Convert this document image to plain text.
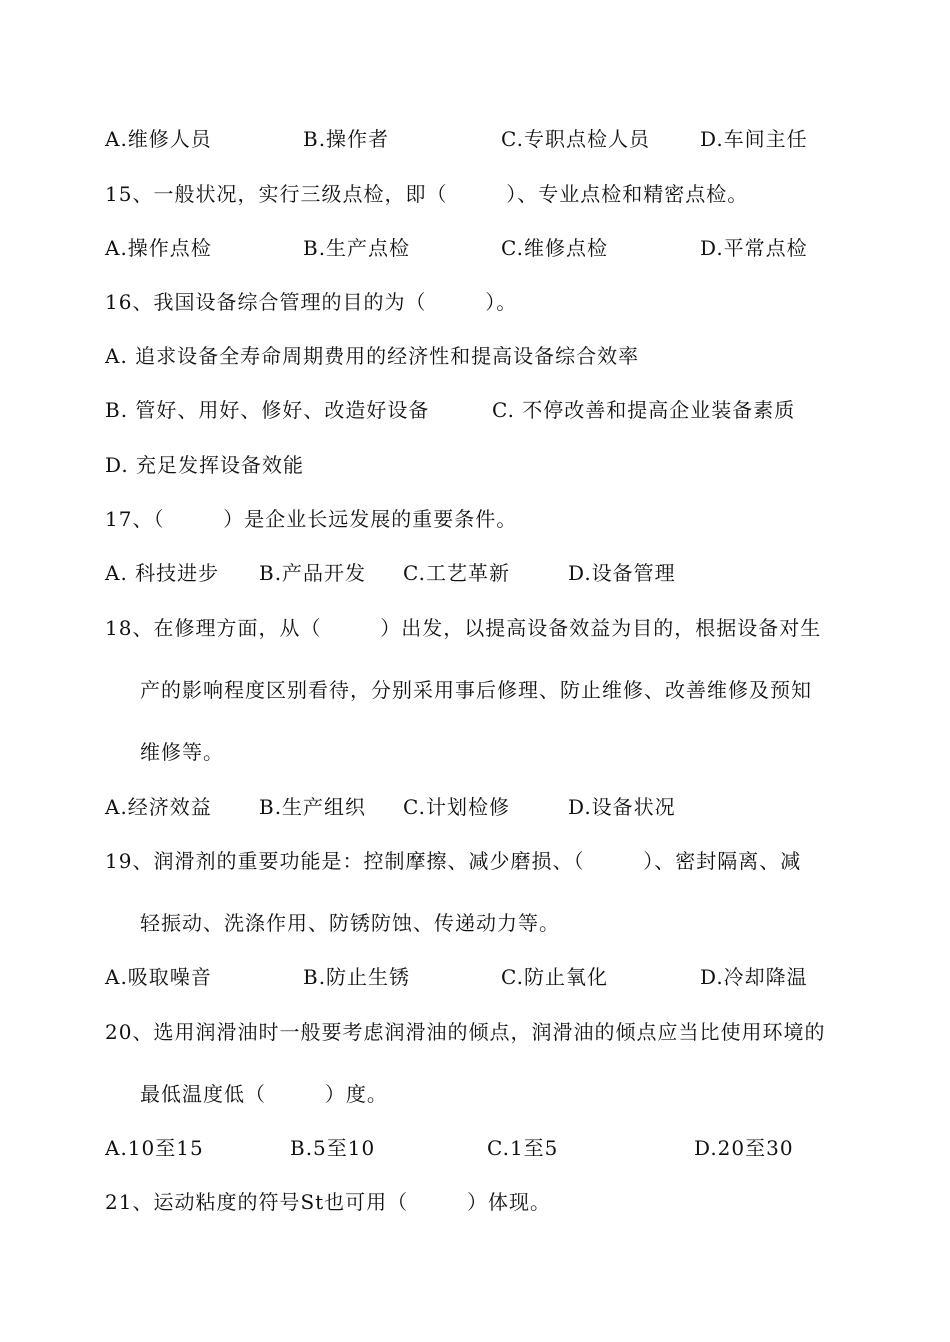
A.维修人员	B.操作者	C.专职点检人员	D.车间主任
15、一般状况，实行三级点检，即（        ）、专业点检和精密点检。
A.操作点检	B.生产点检	C.维修点检	D.平常点检
16、我国设备综合管理的目的为（        ）。
A. 追求设备全寿命周期费用的经济性和提高设备综合效率
B. 管好、用好、修好、改造好设备	C. 不停改善和提高企业装备素质
D. 充足发挥设备效能
17、（        ）是企业长远发展的重要条件。
A. 科技进步 B.产品开发 C.工艺革新	D.设备管理
18、在修理方面，从（        ）出发，以提高设备效益为目的，根据设备对生
产的影响程度区别看待，分别采用事后修理、防止维修、改善维修及预知
维修等。
A.经济效益 B.生产组织 C.计划检修	D.设备状况
19、润滑剂的重要功能是：控制摩擦、减少磨损、（        ）、密封隔离、减
轻振动、洗涤作用、防锈防蚀、传递动力等。
A.吸取噪音	B.防止生锈	C.防止氧化	D.冷却降温
20、选用润滑油时一般要考虑润滑油的倾点，润滑油的倾点应当比使用环境的
最低温度低（        ）度。
A.10至15	B.5至10	C.1至5	D.20至30
21、运动粘度的符号St也可用（        ）体现。
